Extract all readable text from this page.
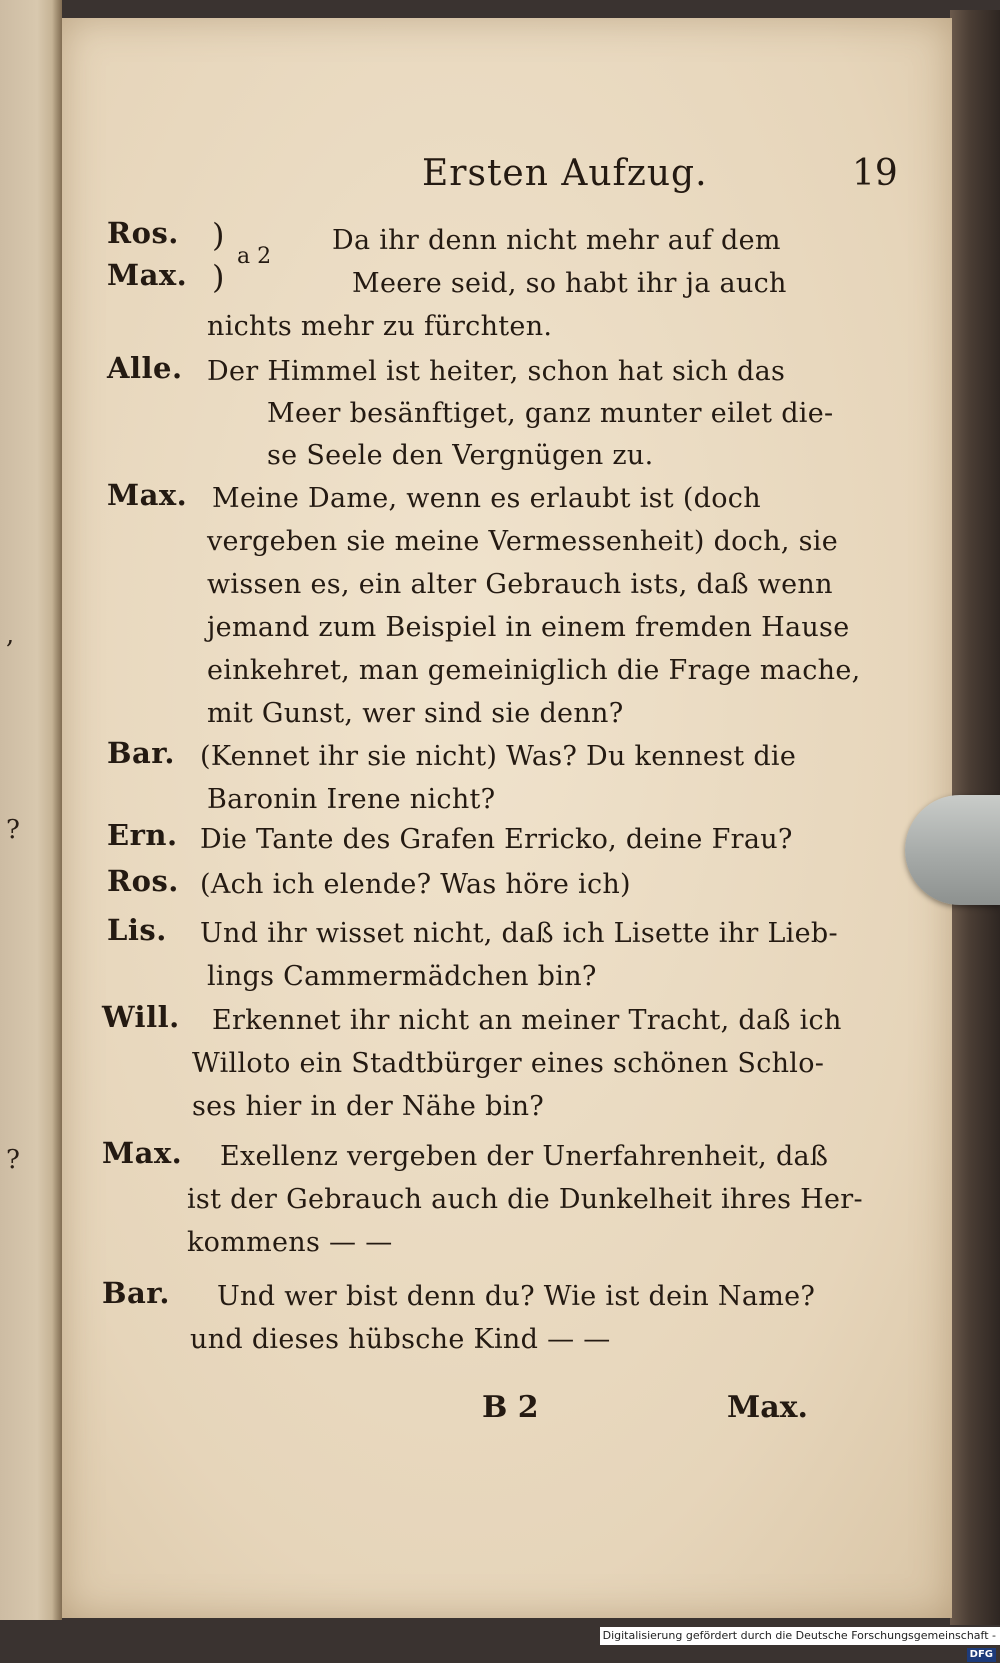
,
?
?
Ersten Aufzug.	19
Ros.
Max.
)
)
a 2
Da ihr denn nicht mehr auf dem
Meere seid, so habt ihr ja auch
nichts mehr zu fürchten.
Alle. Der Himmel ist heiter, schon hat sich das
Meer besänftiget, ganz munter eilet die-
se Seele den Vergnügen zu.
Max. Meine Dame, wenn es erlaubt ist (doch
vergeben sie meine Vermessenheit) doch, sie
wissen es, ein alter Gebrauch ists, daß wenn
jemand zum Beispiel in einem fremden Hause
einkehret, man gemeiniglich die Frage mache,
mit Gunst, wer sind sie denn?
Bar. (Kennet ihr sie nicht) Was? Du kennest die
Baronin Irene nicht?
Ern. Die Tante des Grafen Erricko, deine Frau?
Ros. (Ach ich elende? Was höre ich)
Lis. Und ihr wisset nicht, daß ich Lisette ihr Lieb-
lings Cammermädchen bin?
Will. Erkennet ihr nicht an meiner Tracht, daß ich
Willoto ein Stadtbürger eines schönen Schlo-
ses hier in der Nähe bin?
Max. Exellenz vergeben der Unerfahrenheit, daß
ist der Gebrauch auch die Dunkelheit ihres Her-
kommens — —
Bar. Und wer bist denn du? Wie ist dein Name?
und dieses hübsche Kind — —
B 2	Max.
Digitalisierung gefördert durch die Deutsche Forschungsgemeinschaft -DFG
